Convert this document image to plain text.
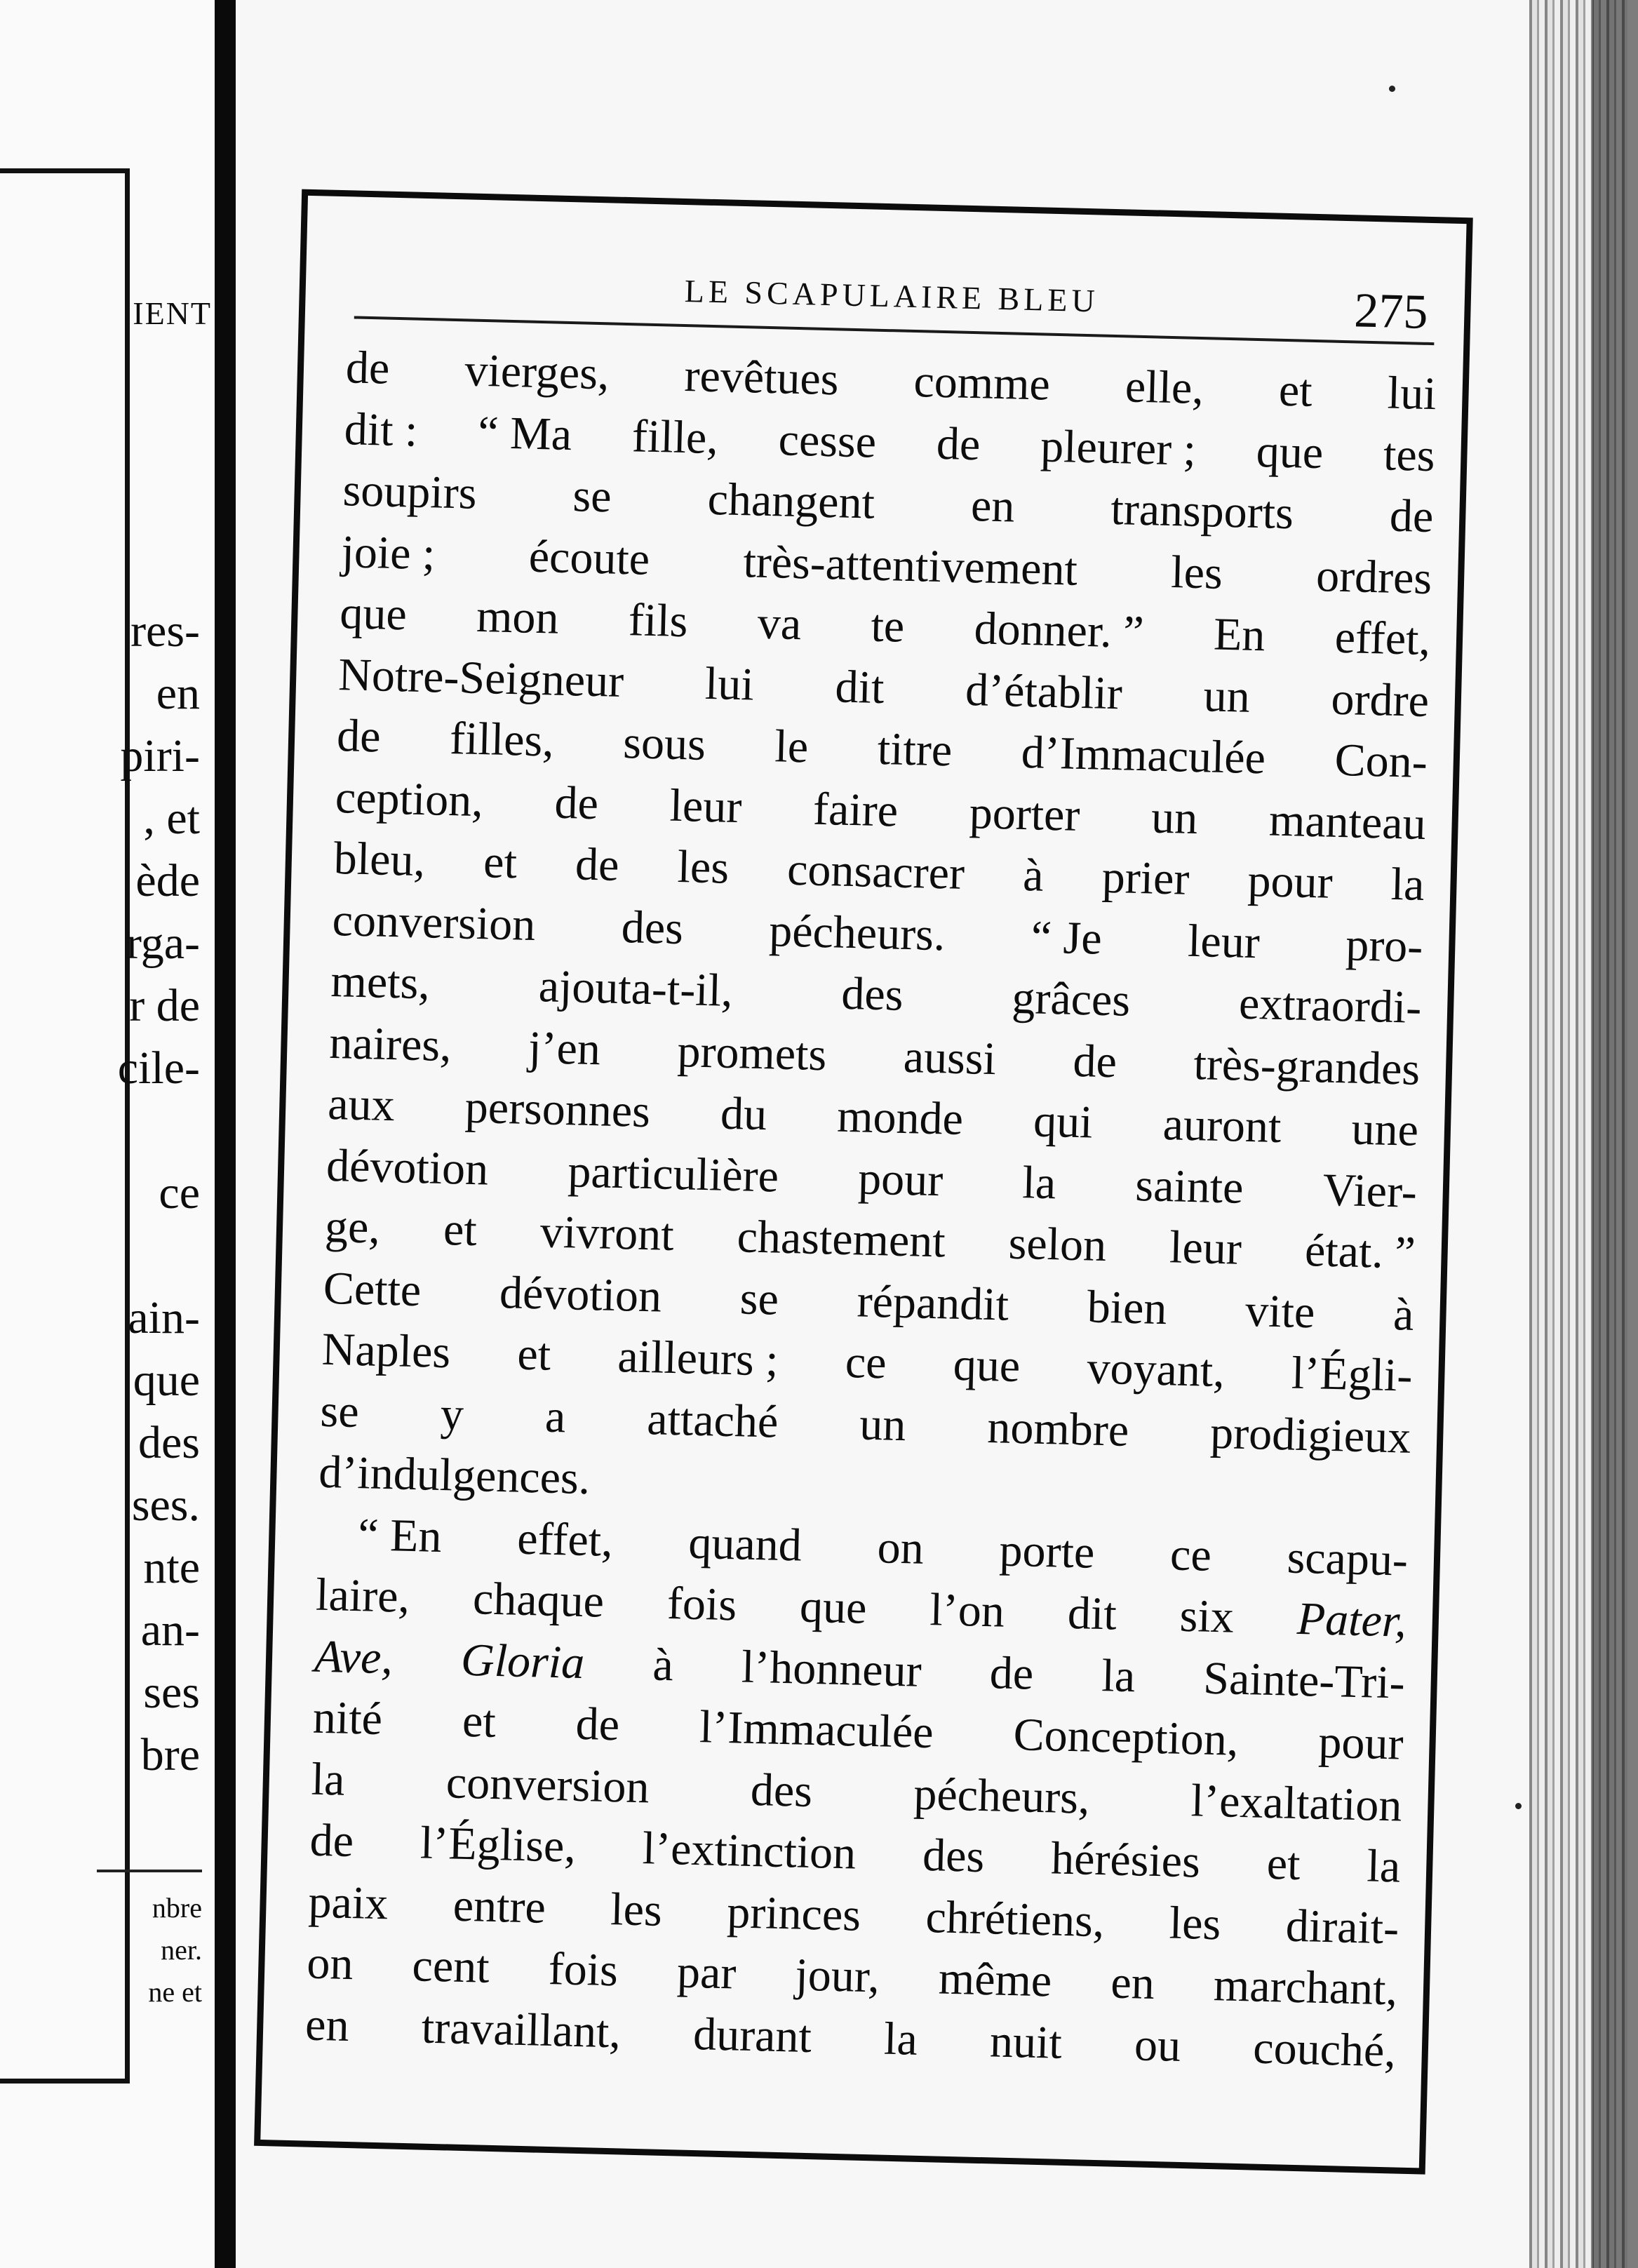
IENT
res-
en
piri-
, et
ède
rga-
r de
cile-

ce

ain-
que
des
ses.
nte
an-
ses
bre
nbre
ner.
ne et
LE SCAPULAIRE BLEU	275
de vierges, revêtues comme elle, et lui
dit : “ Ma fille, cesse de pleurer ; que tes
soupirs se changent en transports de
joie ; écoute très-attentivement les ordres
que mon fils va te donner. ” En effet,
Notre-Seigneur lui dit d’établir un ordre
de filles, sous le titre d’Immaculée Con-
ception, de leur faire porter un manteau
bleu, et de les consacrer à prier pour la
conversion des pécheurs. “ Je leur pro-
mets, ajouta-t-il, des grâces extraordi-
naires, j’en promets aussi de très-grandes
aux personnes du monde qui auront une
dévotion particulière pour la sainte Vier-
ge, et vivront chastement selon leur état. ”
Cette dévotion se répandit bien vite à
Naples et ailleurs ; ce que voyant, l’Égli-
se y a attaché un nombre prodigieux
d’indulgences.
“ En effet, quand on porte ce scapu-
laire, chaque fois que l’on dit six Pater,
Ave, Gloria à l’honneur de la Sainte-Tri-
nité et de l’Immaculée Conception, pour
la conversion des pécheurs, l’exaltation
de l’Église, l’extinction des hérésies et la
paix entre les princes chrétiens, les dirait-
on cent fois par jour, même en marchant,
en travaillant, durant la nuit ou couché,
